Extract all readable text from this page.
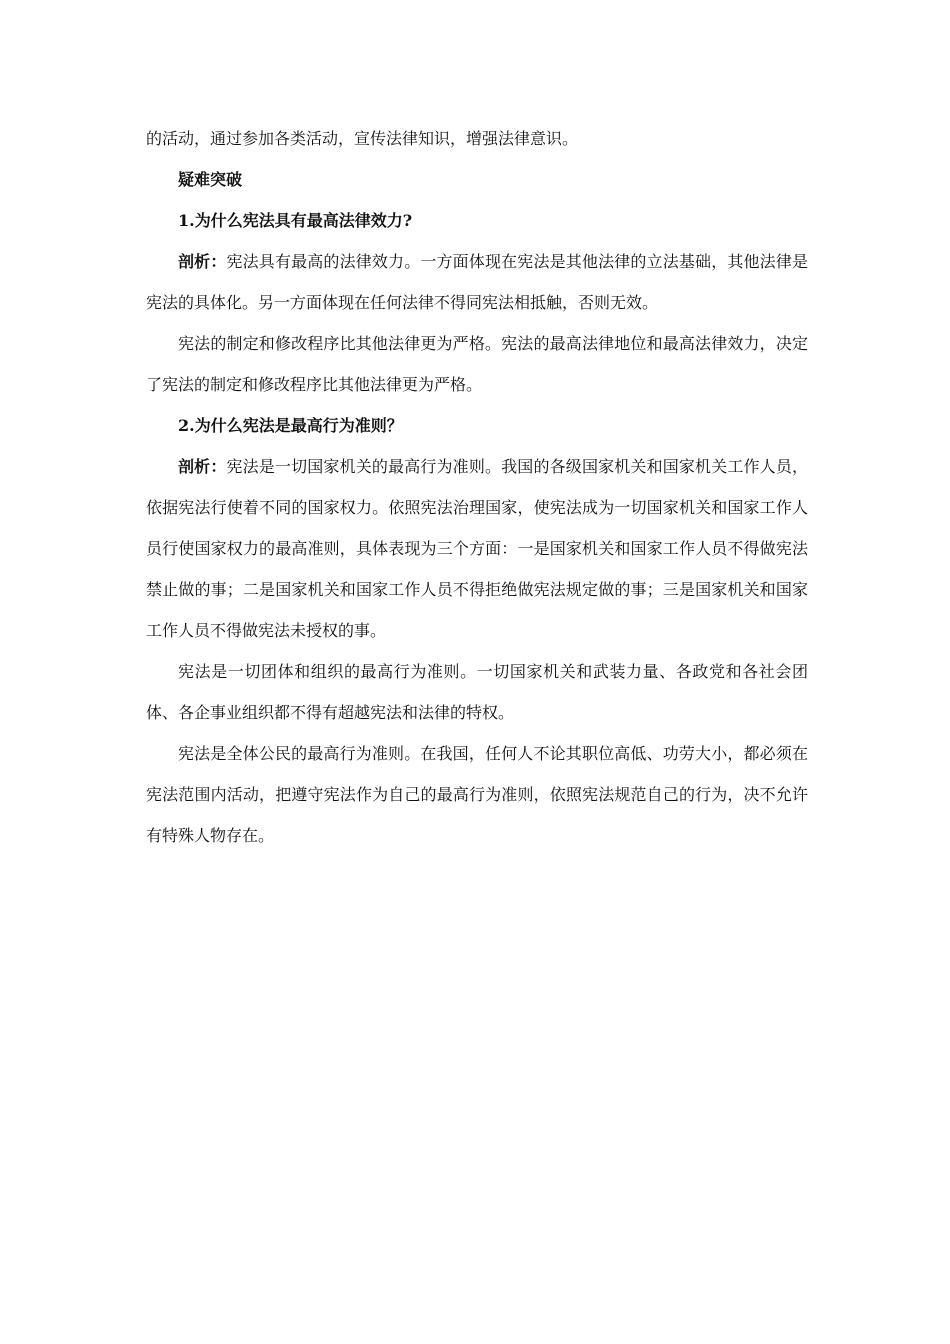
的活动，通过参加各类活动，宣传法律知识，增强法律意识。

疑难突破

1.为什么宪法具有最高法律效力?

剖析：宪法具有最高的法律效力。一方面体现在宪法是其他法律的立法基础，其他法律是宪法的具体化。另一方面体现在任何法律不得同宪法相抵触，否则无效。

宪法的制定和修改程序比其他法律更为严格。宪法的最高法律地位和最高法律效力，决定了宪法的制定和修改程序比其他法律更为严格。

2.为什么宪法是最高行为准则？

剖析：宪法是一切国家机关的最高行为准则。我国的各级国家机关和国家机关工作人员，依据宪法行使着不同的国家权力。依照宪法治理国家，使宪法成为一切国家机关和国家工作人员行使国家权力的最高准则，具体表现为三个方面：一是国家机关和国家工作人员不得做宪法禁止做的事；二是国家机关和国家工作人员不得拒绝做宪法规定做的事；三是国家机关和国家工作人员不得做宪法未授权的事。

宪法是一切团体和组织的最高行为准则。一切国家机关和武装力量、各政党和各社会团体、各企事业组织都不得有超越宪法和法律的特权。

宪法是全体公民的最高行为准则。在我国，任何人不论其职位高低、功劳大小，都必须在宪法范围内活动，把遵守宪法作为自己的最高行为准则，依照宪法规范自己的行为，决不允许有特殊人物存在。
